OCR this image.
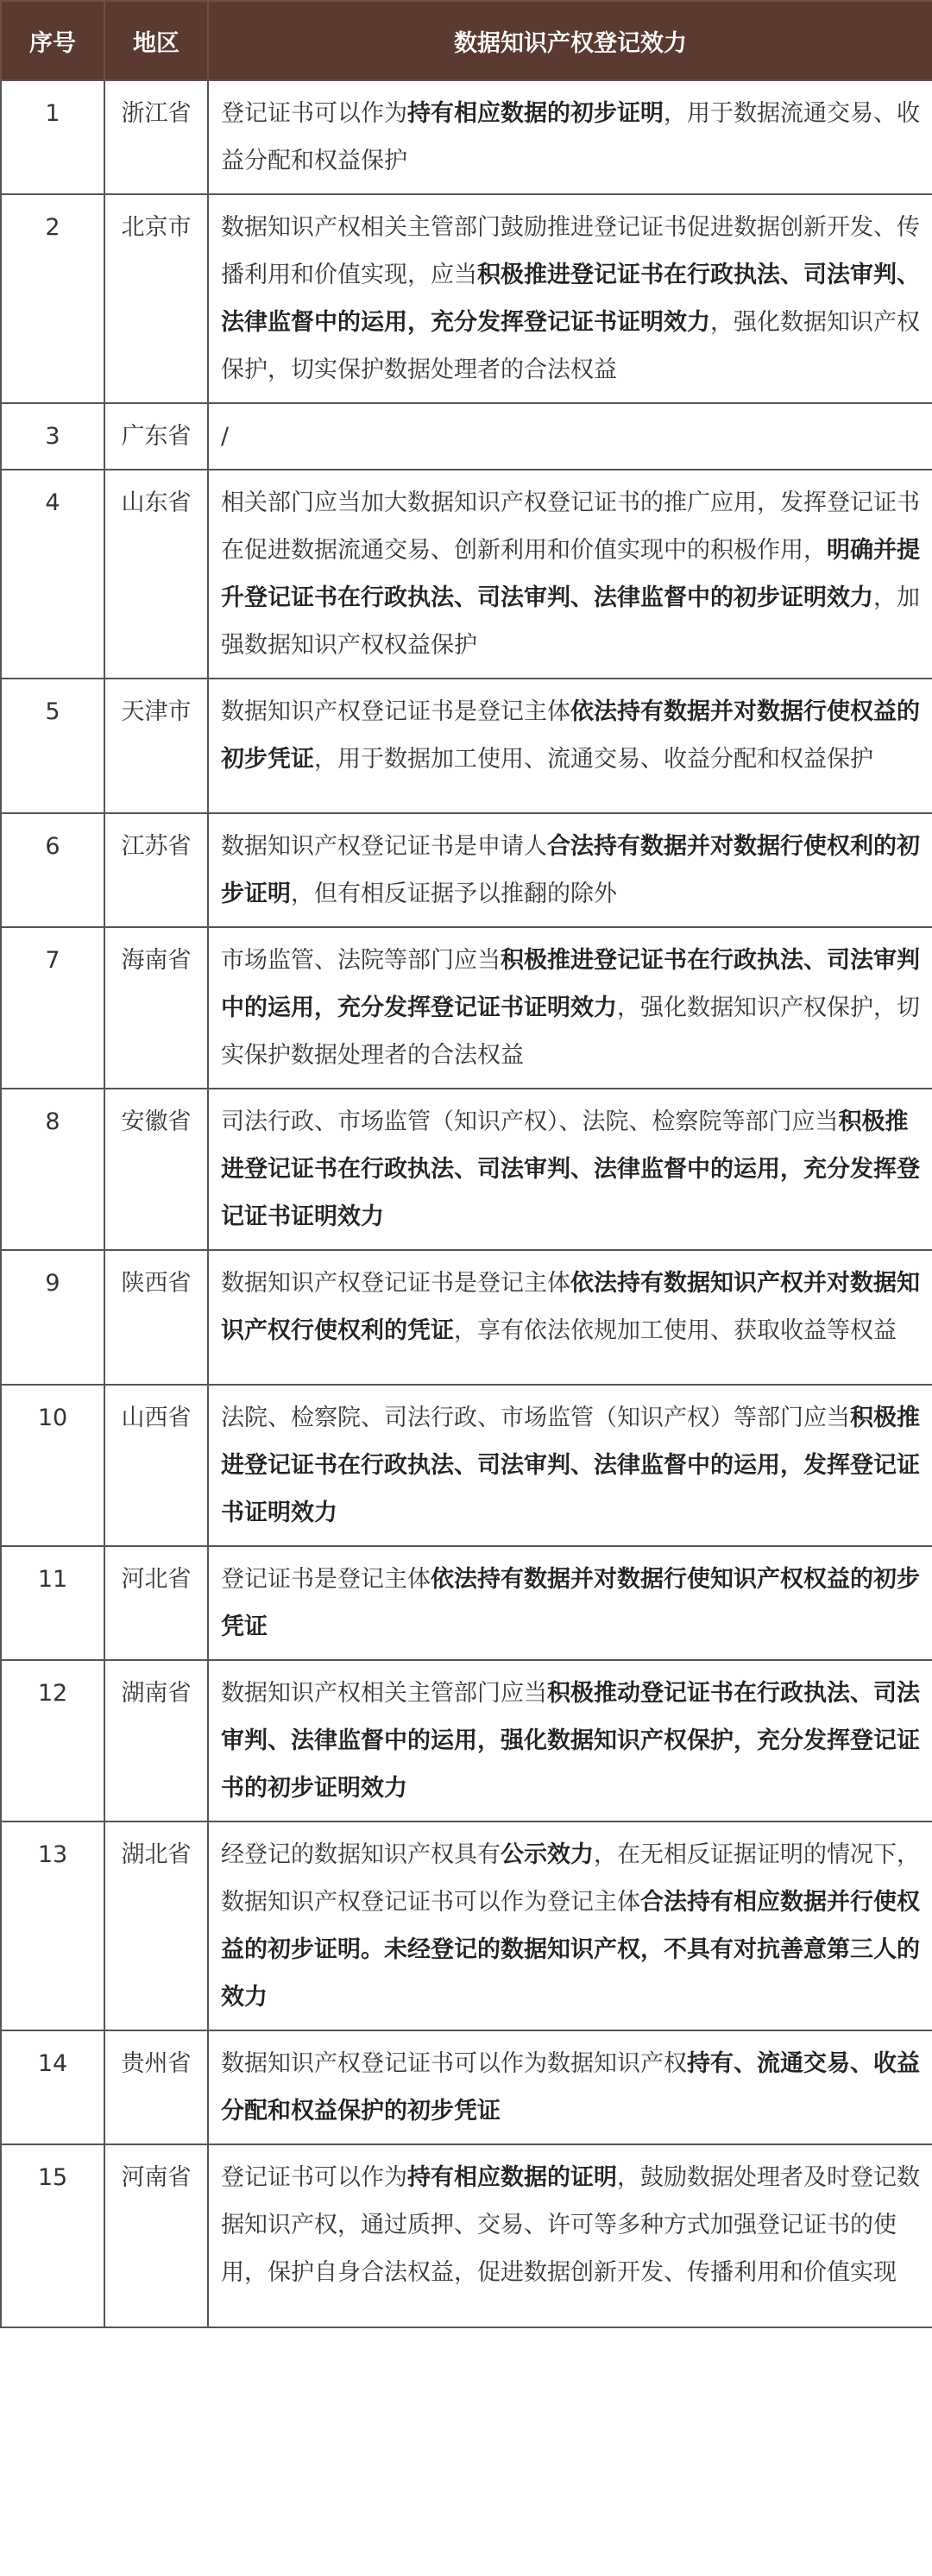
序号	地区	数据知识产权登记效力
1	浙江省	登记证书可以作为持有相应数据的初步证明，用于数据流通交易、收益分配和权益保护
2	北京市	数据知识产权相关主管部门鼓励推进登记证书促进数据创新开发、传播利用和价值实现，应当积极推进登记证书在行政执法、司法审判、法律监督中的运用，充分发挥登记证书证明效力，强化数据知识产权保护，切实保护数据处理者的合法权益
3	广东省	/
4	山东省	相关部门应当加大数据知识产权登记证书的推广应用，发挥登记证书在促进数据流通交易、创新利用和价值实现中的积极作用，明确并提升登记证书在行政执法、司法审判、法律监督中的初步证明效力，加强数据知识产权权益保护
5	天津市	数据知识产权登记证书是登记主体依法持有数据并对数据行使权益的初步凭证，用于数据加工使用、流通交易、收益分配和权益保护
6	江苏省	数据知识产权登记证书是申请人合法持有数据并对数据行使权利的初步证明，但有相反证据予以推翻的除外
7	海南省	市场监管、法院等部门应当积极推进登记证书在行政执法、司法审判中的运用，充分发挥登记证书证明效力，强化数据知识产权保护，切实保护数据处理者的合法权益
8	安徽省	司法行政、市场监管（知识产权）、法院、检察院等部门应当积极推进登记证书在行政执法、司法审判、法律监督中的运用，充分发挥登记证书证明效力
9	陕西省	数据知识产权登记证书是登记主体依法持有数据知识产权并对数据知识产权行使权利的凭证，享有依法依规加工使用、获取收益等权益
10	山西省	法院、检察院、司法行政、市场监管（知识产权）等部门应当积极推进登记证书在行政执法、司法审判、法律监督中的运用，发挥登记证书证明效力
11	河北省	登记证书是登记主体依法持有数据并对数据行使知识产权权益的初步凭证
12	湖南省	数据知识产权相关主管部门应当积极推动登记证书在行政执法、司法审判、法律监督中的运用，强化数据知识产权保护，充分发挥登记证书的初步证明效力
13	湖北省	经登记的数据知识产权具有公示效力，在无相反证据证明的情况下，数据知识产权登记证书可以作为登记主体合法持有相应数据并行使权益的初步证明。未经登记的数据知识产权，不具有对抗善意第三人的效力
14	贵州省	数据知识产权登记证书可以作为数据知识产权持有、流通交易、收益分配和权益保护的初步凭证
15	河南省	登记证书可以作为持有相应数据的证明，鼓励数据处理者及时登记数据知识产权，通过质押、交易、许可等多种方式加强登记证书的使用，保护自身合法权益，促进数据创新开发、传播利用和价值实现
